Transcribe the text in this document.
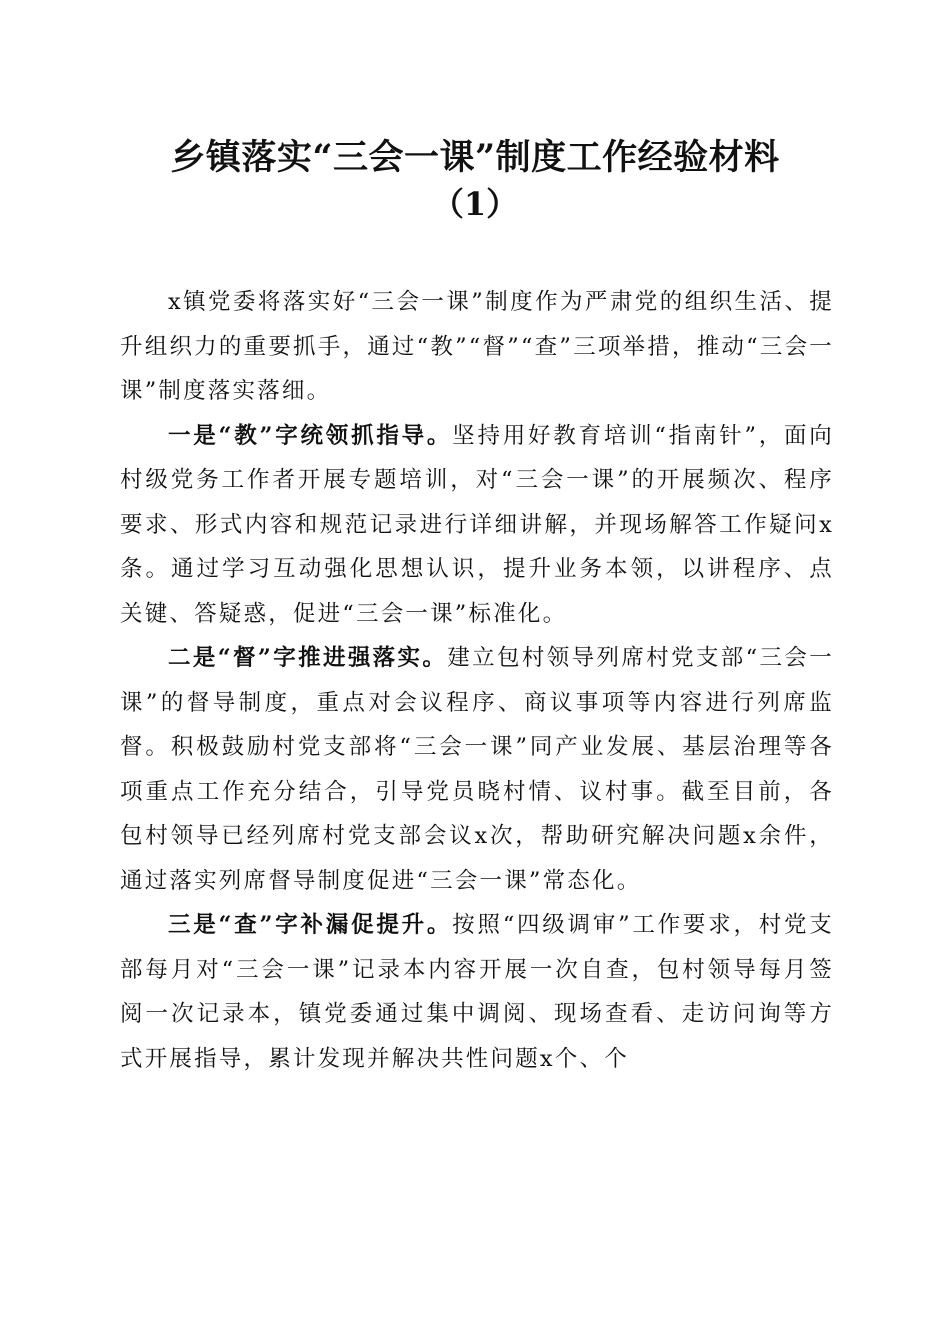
乡镇落实“三会一课”制度工作经验材料
（1）

x镇党委将落实好“三会一课”制度作为严肃党的组织生活、提升组织力的重要抓手，通过“教”“督”“查”三项举措，推动“三会一课”制度落实落细。

一是“教”字统领抓指导。坚持用好教育培训“指南针”，面向村级党务工作者开展专题培训，对“三会一课”的开展频次、程序要求、形式内容和规范记录进行详细讲解，并现场解答工作疑问x条。通过学习互动强化思想认识，提升业务本领，以讲程序、点关键、答疑惑，促进“三会一课”标准化。

二是“督”字推进强落实。建立包村领导列席村党支部“三会一课”的督导制度，重点对会议程序、商议事项等内容进行列席监督。积极鼓励村党支部将“三会一课”同产业发展、基层治理等各项重点工作充分结合，引导党员晓村情、议村事。截至目前，各包村领导已经列席村党支部会议x次，帮助研究解决问题x余件，通过落实列席督导制度促进“三会一课”常态化。

三是“查”字补漏促提升。按照“四级调审”工作要求，村党支部每月对“三会一课”记录本内容开展一次自查，包村领导每月签阅一次记录本，镇党委通过集中调阅、现场查看、走访问询等方式开展指导，累计发现并解决共性问题x个、个
